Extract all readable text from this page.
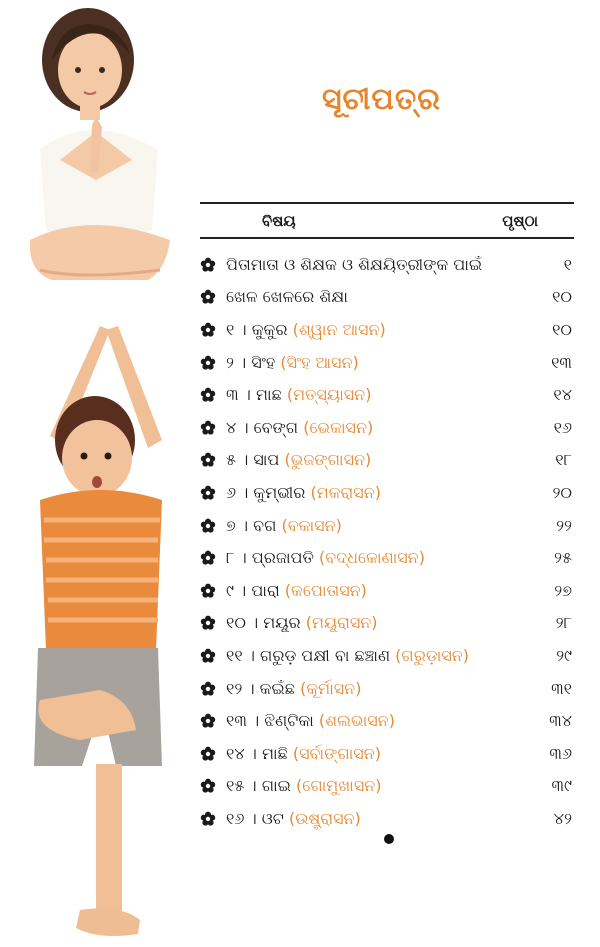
ସୂଚୀପତ୍ର
ବିଷୟ	ପୃଷ୍ଠା
ପିତାମାତା ଓ ଶିକ୍ଷକ ଓ ଶିକ୍ଷୟିତ୍ରୀଙ୍କ ପାଇଁ	୧
ଖେଳ ଖେଳରେ ଶିକ୍ଷା	୧୦
୧ । କୁକୁର (ଶ୍ୱାନ ଆସନ)	୧୦
୨ । ସିଂହ (ସିଂହ ଆସନ)	୧୩
୩ । ମାଛ (ମତ୍ସ୍ୟାସନ)	୧୪
୪ । ବେଙ୍ଗ (ଭେକାସନ)	୧୬
୫ । ସାପ (ଭୁଜଙ୍ଗାସନ)	୧୮
୬ । କୁମ୍ଭୀର (ମକରାସନ)	୨୦
୭ । ବଗ (ବକାସନ)	୨୨
୮ । ପ୍ରଜାପତି (ବଦ୍ଧକୋଣାସନ)	୨୫
୯ । ପାରା (କପୋତାସନ)	୨୭
୧୦ । ମୟୂର (ମୟୂରାସନ)	୨୮
୧୧ । ଗରୁଡ଼ ପକ୍ଷୀ ବା ଛଞ୍ଚାଣ (ଗରୁଡ଼ାସନ)	୨୯
୧୨ । କଇଁଛ (କୂର୍ମାସନ)	୩୧
୧୩ । ଝିଣ୍ଟିକା (ଶଲଭାସନ)	୩୪
୧୪ । ମାଛି (ସର୍ବାଙ୍ଗାସନ)	୩୬
୧୫ । ଗାଇ (ଗୋମୁଖାସନ)	୩୯
୧୬ । ଓଟ (ଉଷ୍ଟ୍ରାସନ)	୪୨
